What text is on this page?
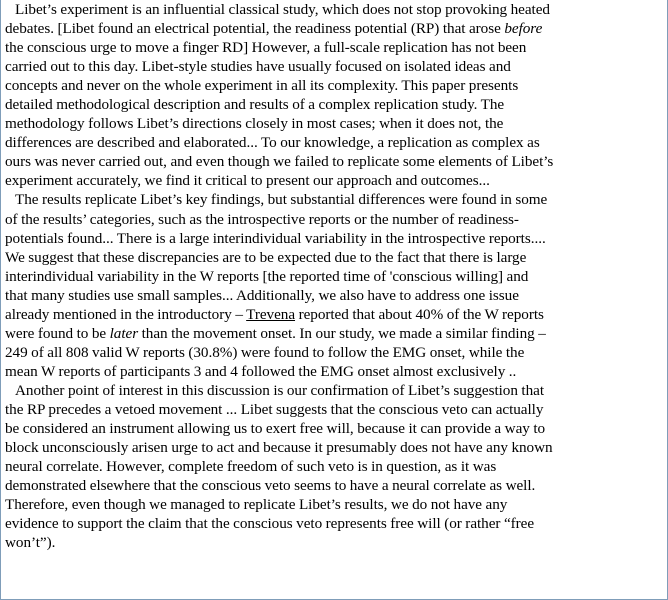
Libet’s experiment is an influential classical study, which does not stop provoking heated
debates. [Libet found an electrical potential, the readiness potential (RP) that arose before
the conscious urge to move a finger RD] However, a full-scale replication has not been
carried out to this day. Libet-style studies have usually focused on isolated ideas and
concepts and never on the whole experiment in all its complexity. This paper presents
detailed methodological description and results of a complex replication study. The
methodology follows Libet’s directions closely in most cases; when it does not, the
differences are described and elaborated... To our knowledge, a replication as complex as
ours was never carried out, and even though we failed to replicate some elements of Libet’s
experiment accurately, we find it critical to present our approach and outcomes...
The results replicate Libet’s key findings, but substantial differences were found in some
of the results’ categories, such as the introspective reports or the number of readiness-
potentials found... There is a large interindividual variability in the introspective reports....
We suggest that these discrepancies are to be expected due to the fact that there is large
interindividual variability in the W reports [the reported time of 'conscious willing] and
that many studies use small samples... Additionally, we also have to address one issue
already mentioned in the introductory – Trevena reported that about 40% of the W reports
were found to be later than the movement onset. In our study, we made a similar finding –
249 of all 808 valid W reports (30.8%) were found to follow the EMG onset, while the
mean W reports of participants 3 and 4 followed the EMG onset almost exclusively ..
Another point of interest in this discussion is our confirmation of Libet’s suggestion that
the RP precedes a vetoed movement ... Libet suggests that the conscious veto can actually
be considered an instrument allowing us to exert free will, because it can provide a way to
block unconsciously arisen urge to act and because it presumably does not have any known
neural correlate. However, complete freedom of such veto is in question, as it was
demonstrated elsewhere that the conscious veto seems to have a neural correlate as well.
Therefore, even though we managed to replicate Libet’s results, we do not have any
evidence to support the claim that the conscious veto represents free will (or rather “free
won’t”).
